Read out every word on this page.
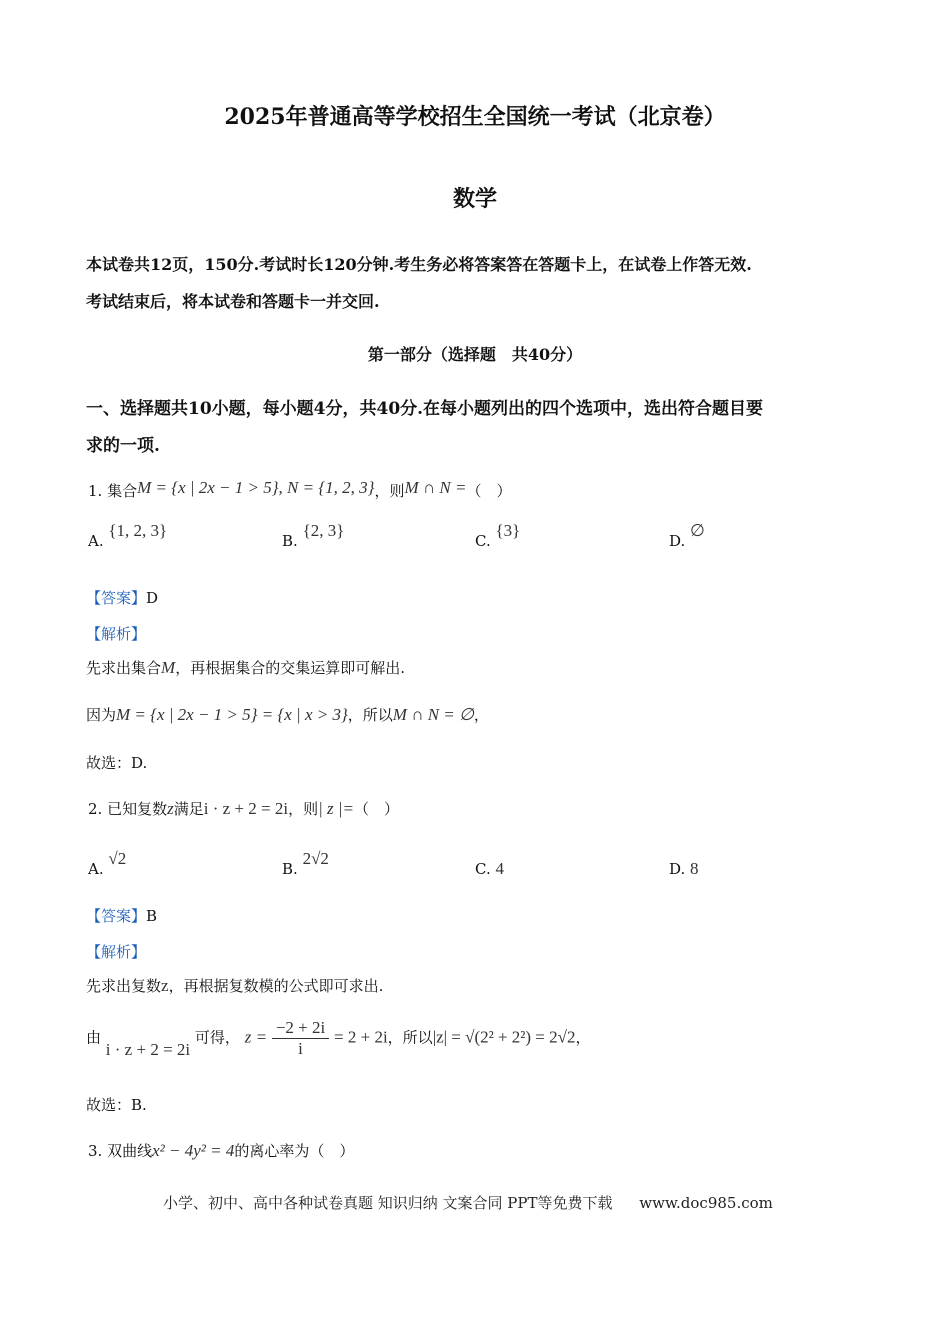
2025年普通高等学校招生全国统一考试（北京卷）
数学
本试卷共12页，150分.考试时长120分钟.考生务必将答案答在答题卡上，在试卷上作答无效.
考试结束后，将本试卷和答题卡一并交回.
第一部分（选择题　共40分）
一、选择题共10小题，每小题4分，共40分.在每小题列出的四个选项中，选出符合题目要
求的一项.
1. 集合M = {x | 2x − 1 > 5}, N = {1, 2, 3}，则M ∩ N =（　）
A. {1, 2, 3}
B. {2, 3}
C. {3}
D. ∅
【答案】D
【解析】
先求出集合M，再根据集合的交集运算即可解出.
因为M = {x | 2x − 1 > 5} = {x | x > 3}，所以M ∩ N = ∅，
故选：D.
2. 已知复数z满足i · z + 2 = 2i，则| z |=（　）
A. √2
B. 2√2
C. 4	D. 8
【答案】B
【解析】
先求出复数z，再根据复数模的公式即可求出.
由 i · z + 2 = 2i 可得， $z = \frac{-2 + 2i}{i} = 2 + 2i$，所以|z| = √(2² + 2²) = 2√2，
故选：B.
3. 双曲线x² − 4y² = 4的离心率为（　）
小学、初中、高中各种试卷真题 知识归纳 文案合同 PPT等免费下载 www.doc985.com
